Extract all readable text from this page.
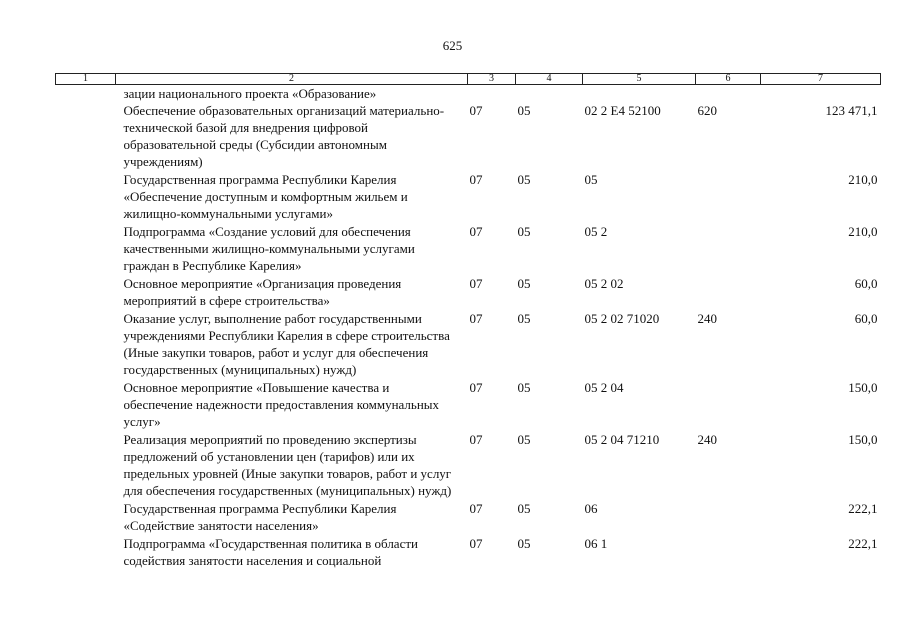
625
1	2	3	4	5	6	7
	зации национального проекта «Образование»					
	Обеспечение образовательных организаций материально-технической базой для внедрения цифровой образовательной среды (Субсидии автономным учреждениям)	07	05	02 2 E4 52100	620	123 471,1
	Государственная программа Республики Карелия «Обеспечение доступным и комфортным жильем и жилищно-коммунальными услугами»	07	05	05		210,0
	Подпрограмма «Создание условий для обеспечения качественными жилищно-коммунальными услугами граждан в Республике Карелия»	07	05	05 2		210,0
	Основное мероприятие «Организация проведения мероприятий в сфере строительства»	07	05	05 2 02		60,0
	Оказание услуг, выполнение работ государственными учреждениями Республики Карелия в сфере строительства (Иные закупки товаров, работ и услуг для обеспечения государственных (муниципальных) нужд)	07	05	05 2 02 71020	240	60,0
	Основное мероприятие «Повышение качества и обеспечение надежности предоставления коммунальных услуг»	07	05	05 2 04		150,0
	Реализация мероприятий по проведению экспертизы предложений об установлении цен (тарифов) или их предельных уровней (Иные закупки товаров, работ и услуг для обеспечения государственных (муниципальных) нужд)	07	05	05 2 04 71210	240	150,0
	Государственная программа Республики Карелия «Содействие занятости населения»	07	05	06		222,1
	Подпрограмма «Государственная политика в области содействия занятости населения и социальной	07	05	06 1		222,1
